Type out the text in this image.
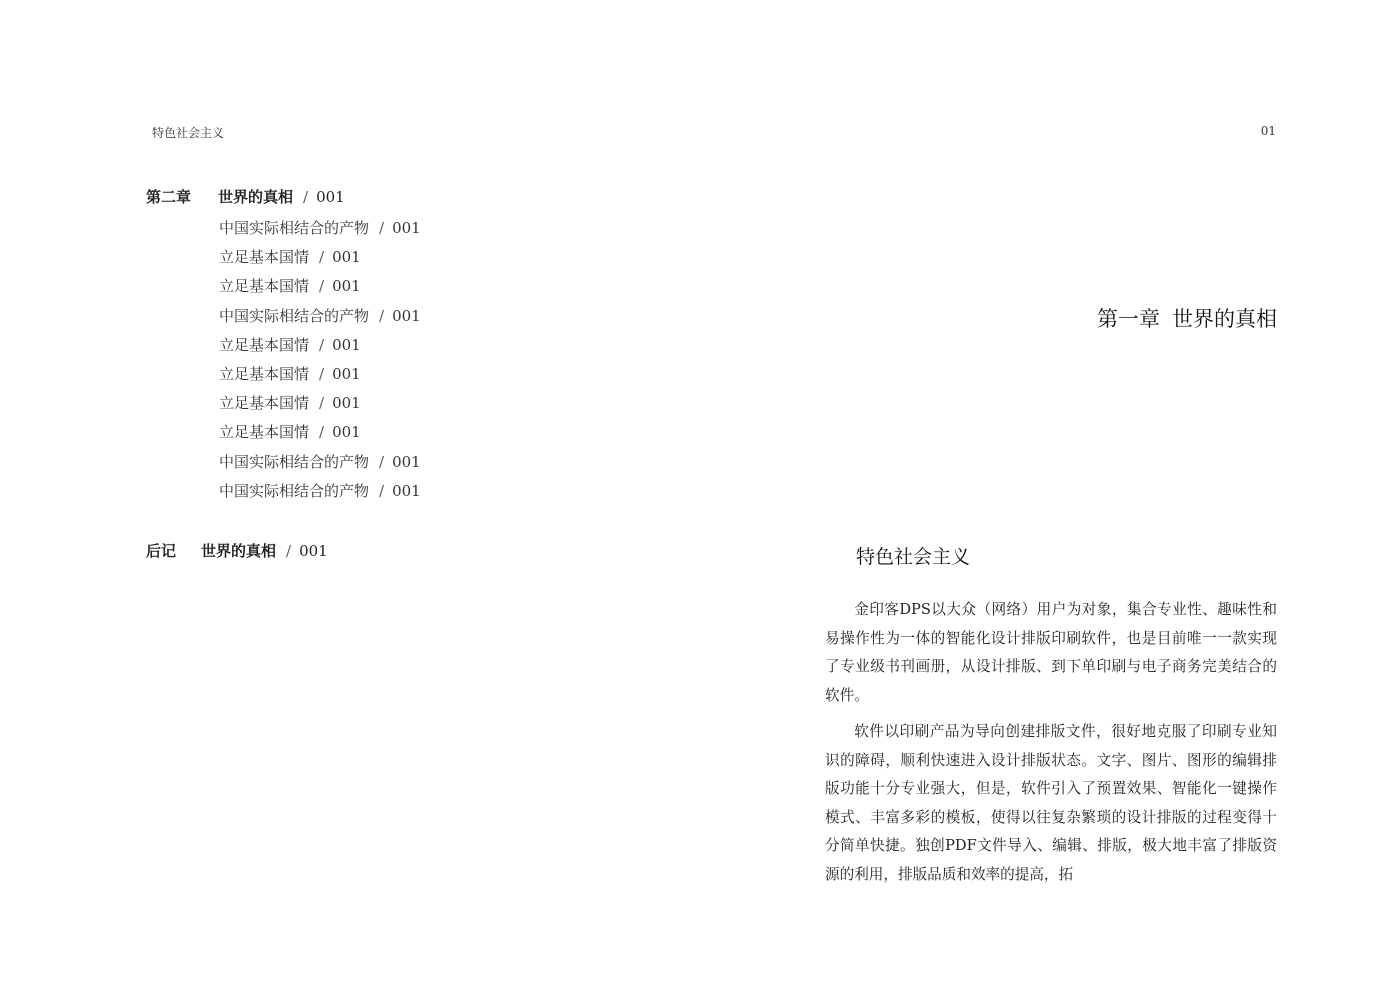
特色社会主义	01
第二章 世界的真相 / 001
中国实际相结合的产物 / 001
立足基本国情 / 001
立足基本国情 / 001
中国实际相结合的产物 / 001
立足基本国情 / 001
立足基本国情 / 001
立足基本国情 / 001
立足基本国情 / 001
中国实际相结合的产物 / 001
中国实际相结合的产物 / 001
后记 世界的真相 / 001
第一章 世界的真相
特色社会主义

金印客DPS以大众（网络）用户为对象，集合专业性、趣味性和易操作性为一体的智能化设计排版印刷软件，也是目前唯一一款实现了专业级书刊画册，从设计排版、到下单印刷与电子商务完美结合的软件。

软件以印刷产品为导向创建排版文件，很好地克服了印刷专业知识的障碍，顺利快速进入设计排版状态。文字、图片、图形的编辑排版功能十分专业强大，但是，软件引入了预置效果、智能化一键操作模式、丰富多彩的模板，使得以往复杂繁琐的设计排版的过程变得十分简单快捷。独创PDF文件导入、编辑、排版，极大地丰富了排版资源的利用，排版品质和效率的提高，拓
